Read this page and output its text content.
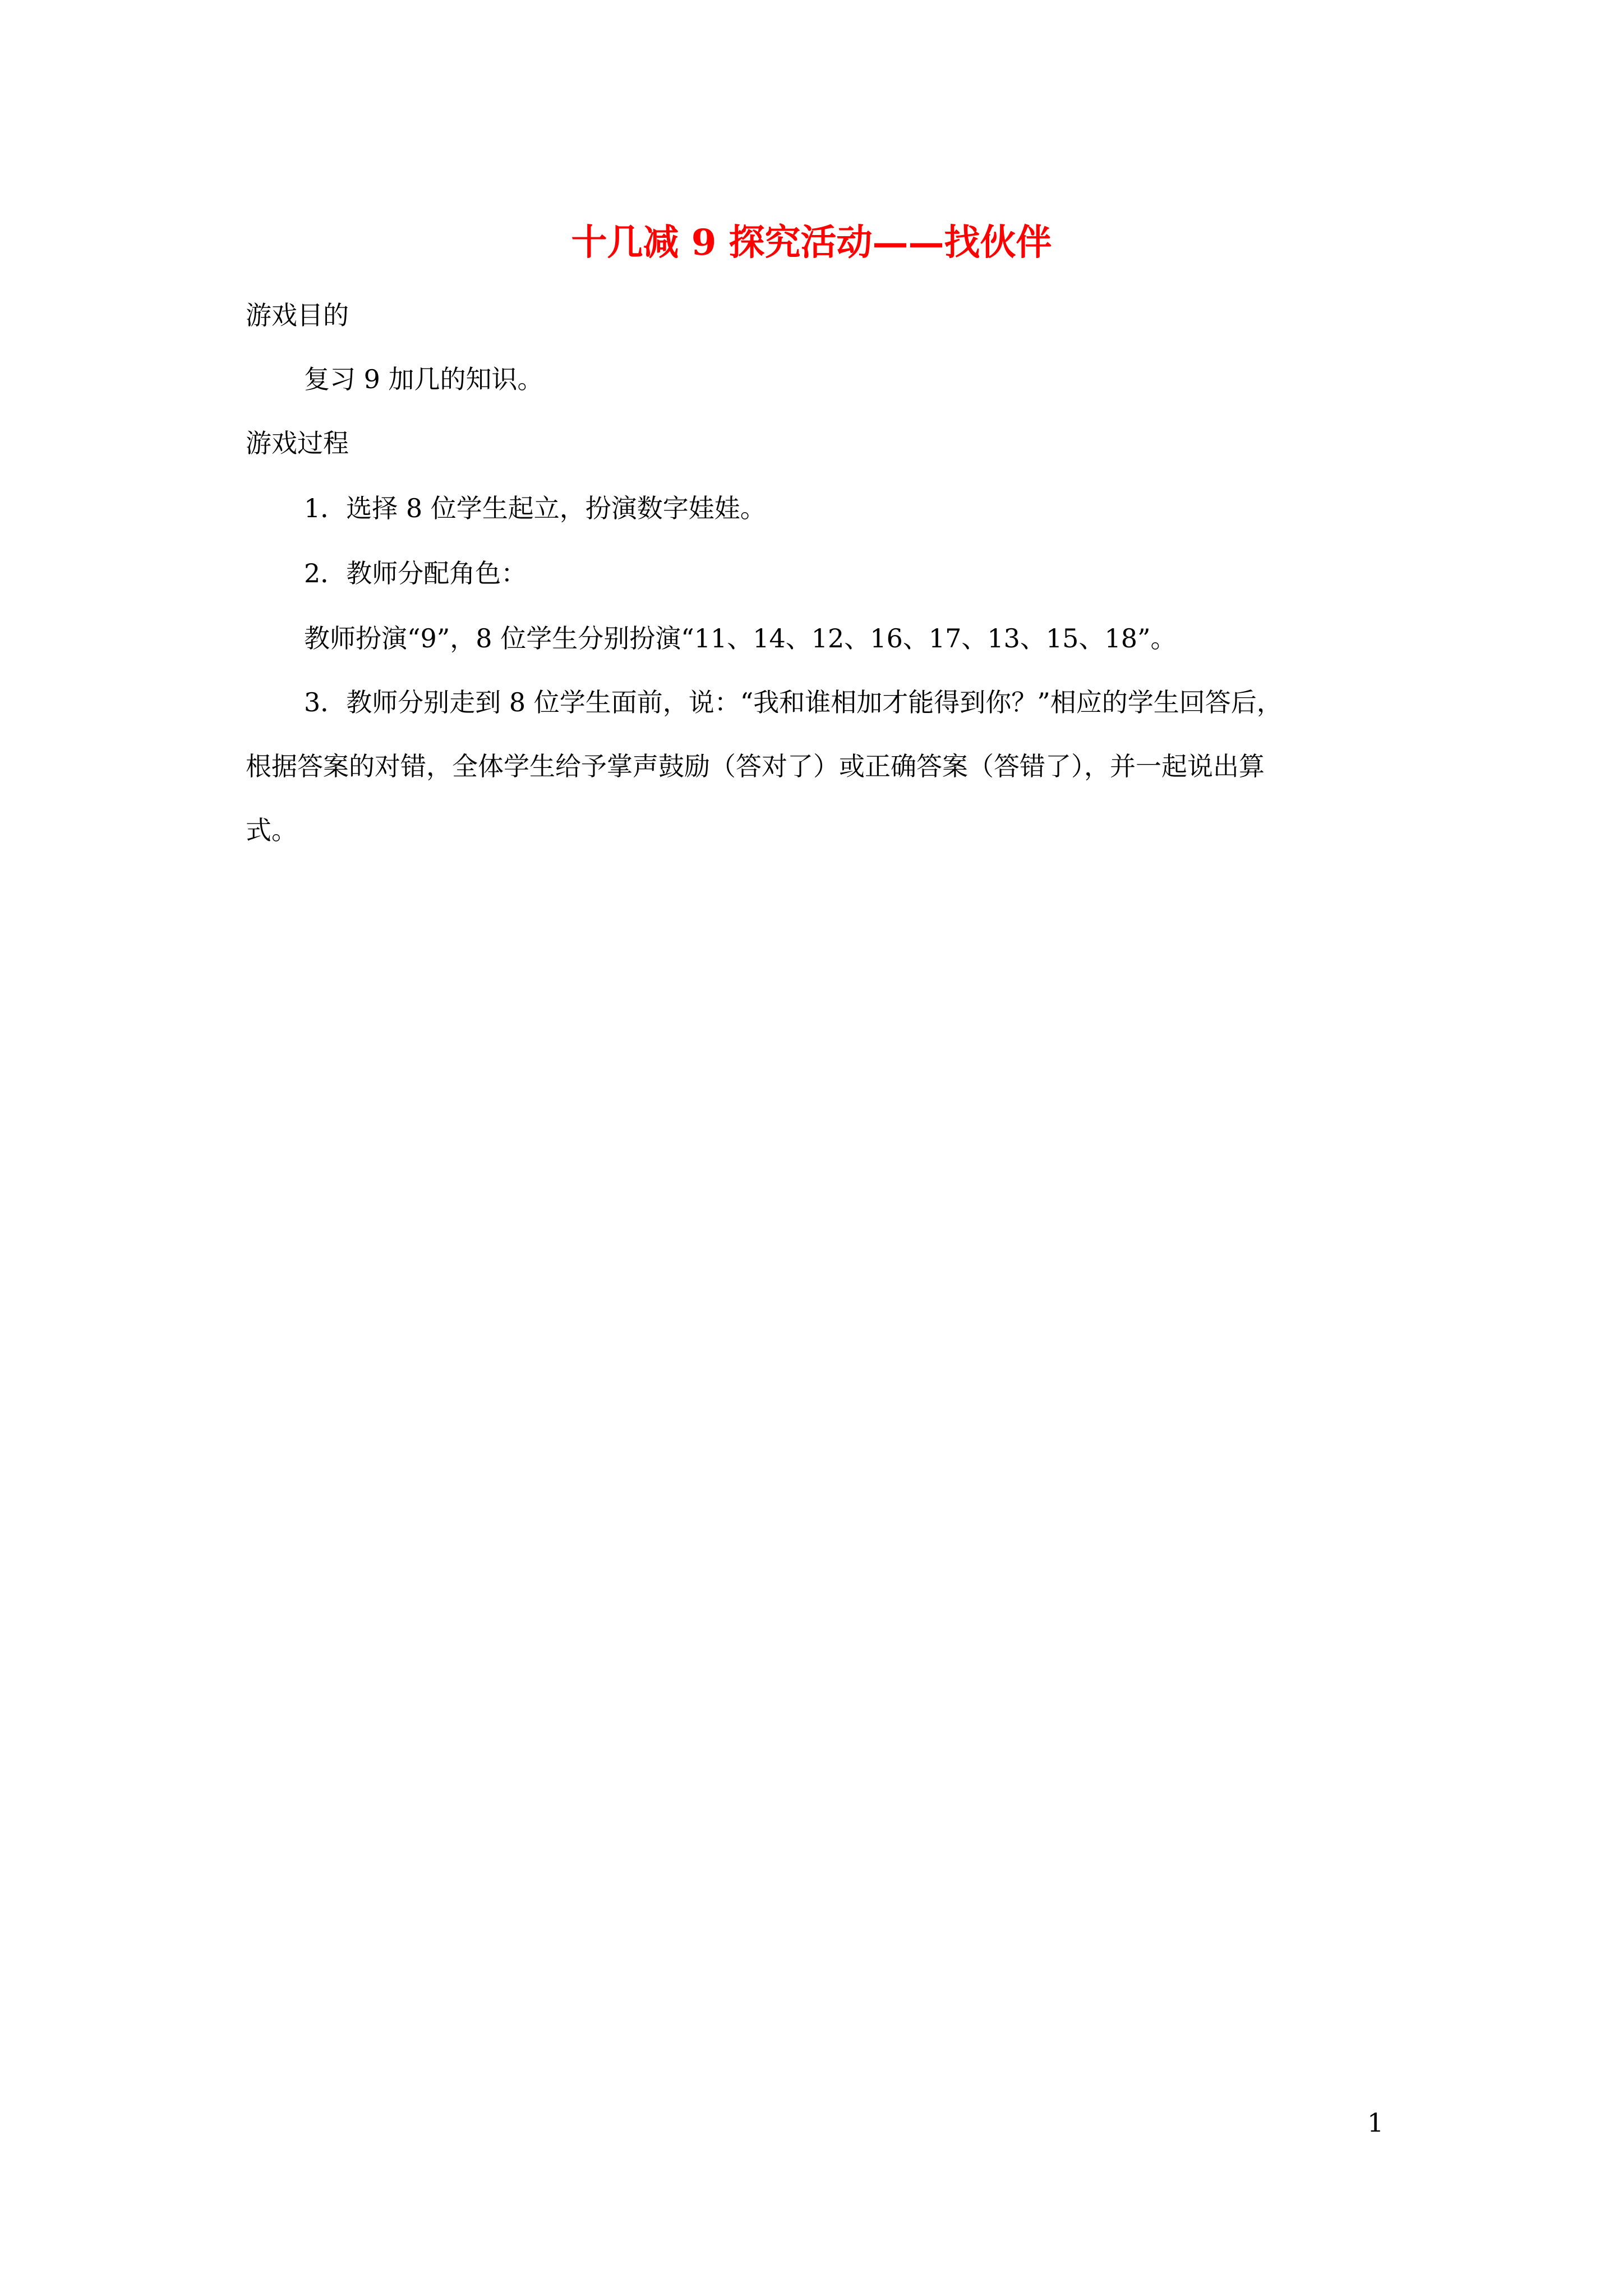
十几减 9 探究活动——找伙伴
游戏目的
复习 9 加几的知识。
游戏过程
1．选择 8 位学生起立，扮演数字娃娃。
2．教师分配角色：
教师扮演“9”，8 位学生分别扮演“11、14、12、16、17、13、15、18”。
3．教师分别走到 8 位学生面前，说：“我和谁相加才能得到你？”相应的学生回答后，
根据答案的对错，全体学生给予掌声鼓励（答对了）或正确答案（答错了），并一起说出算
式。
1
